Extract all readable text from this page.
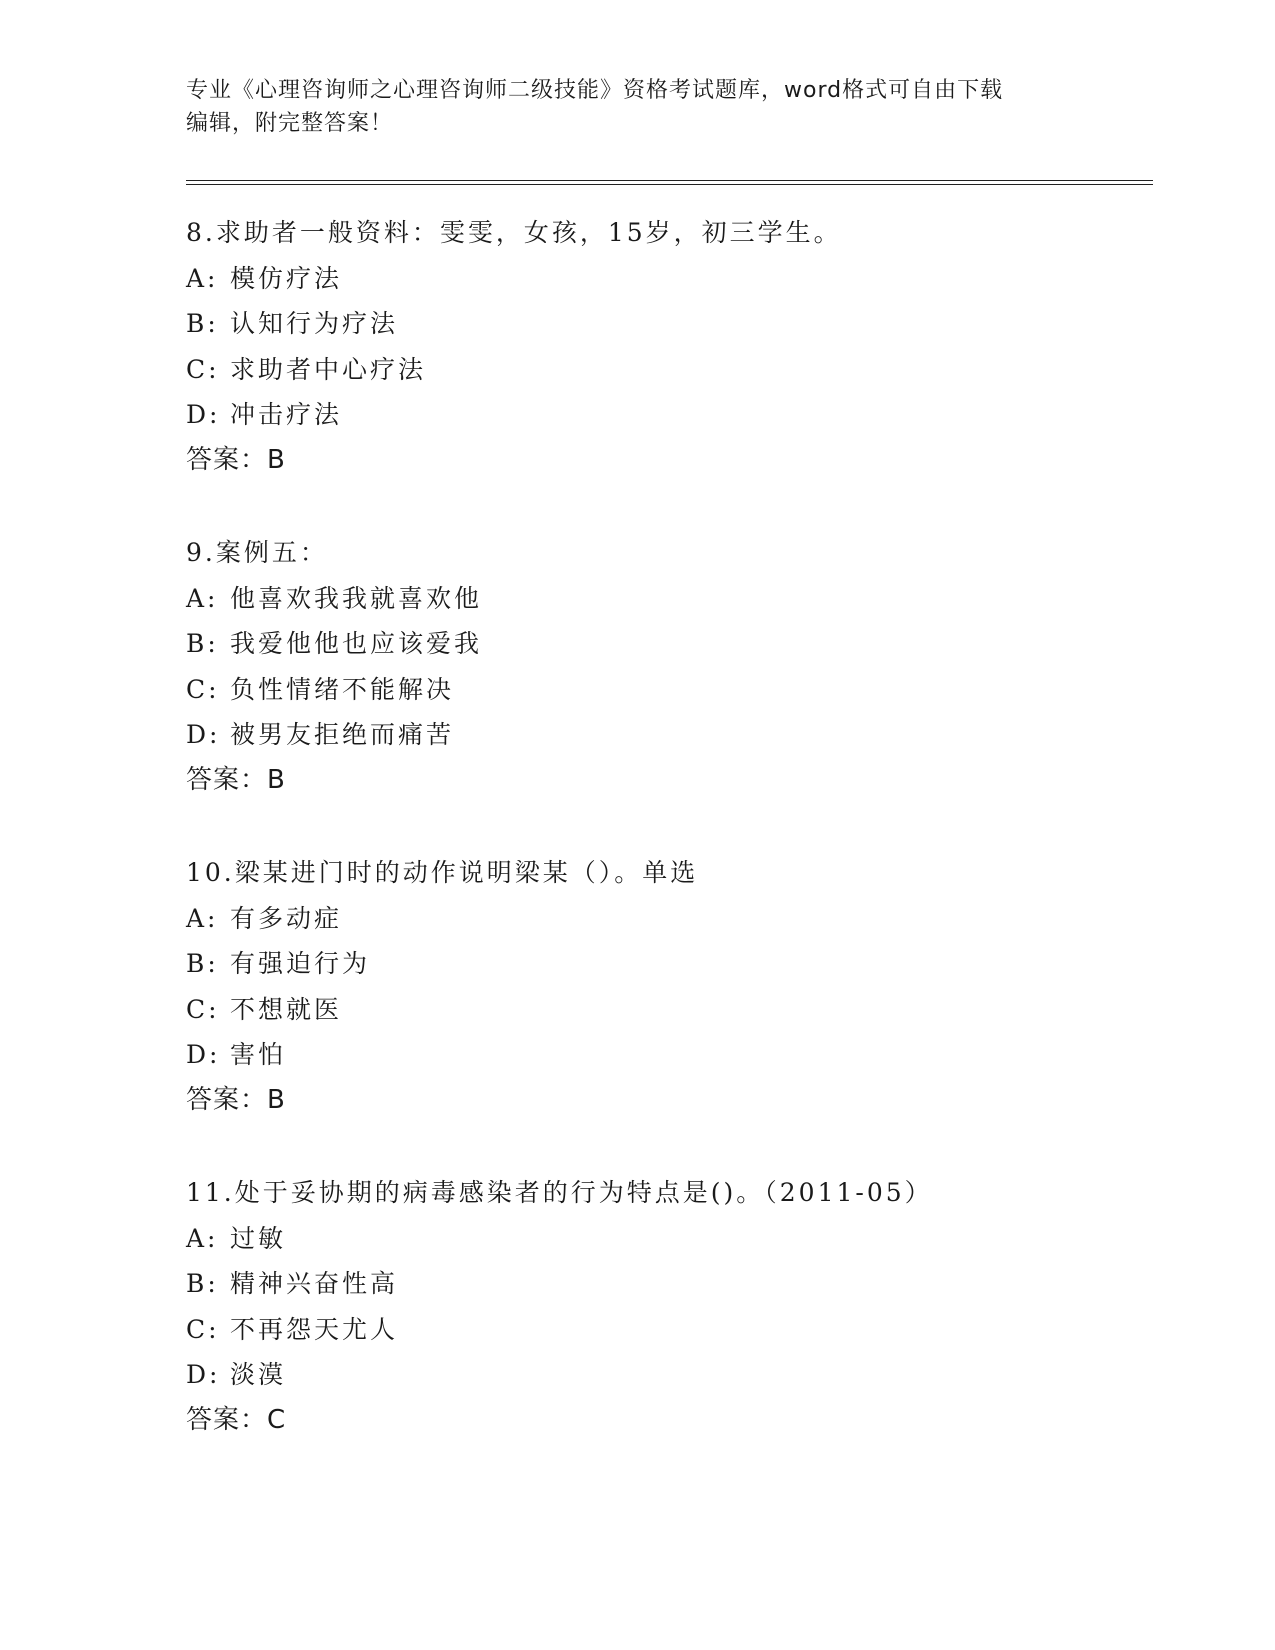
专业《心理咨询师之心理咨询师二级技能》资格考试题库，word格式可自由下载
编辑，附完整答案！
8.求助者一般资料：雯雯，女孩，15岁，初三学生。
A: 模仿疗法
B: 认知行为疗法
C: 求助者中心疗法
D: 冲击疗法
答案：B
9.案例五：
A: 他喜欢我我就喜欢他
B: 我爱他他也应该爱我
C: 负性情绪不能解决
D: 被男友拒绝而痛苦
答案：B
10.梁某进门时的动作说明梁某（）。单选
A: 有多动症
B: 有强迫行为
C: 不想就医
D: 害怕
答案：B
11.处于妥协期的病毒感染者的行为特点是()。（2011-05）
A: 过敏
B: 精神兴奋性高
C: 不再怨天尤人
D: 淡漠
答案：C
